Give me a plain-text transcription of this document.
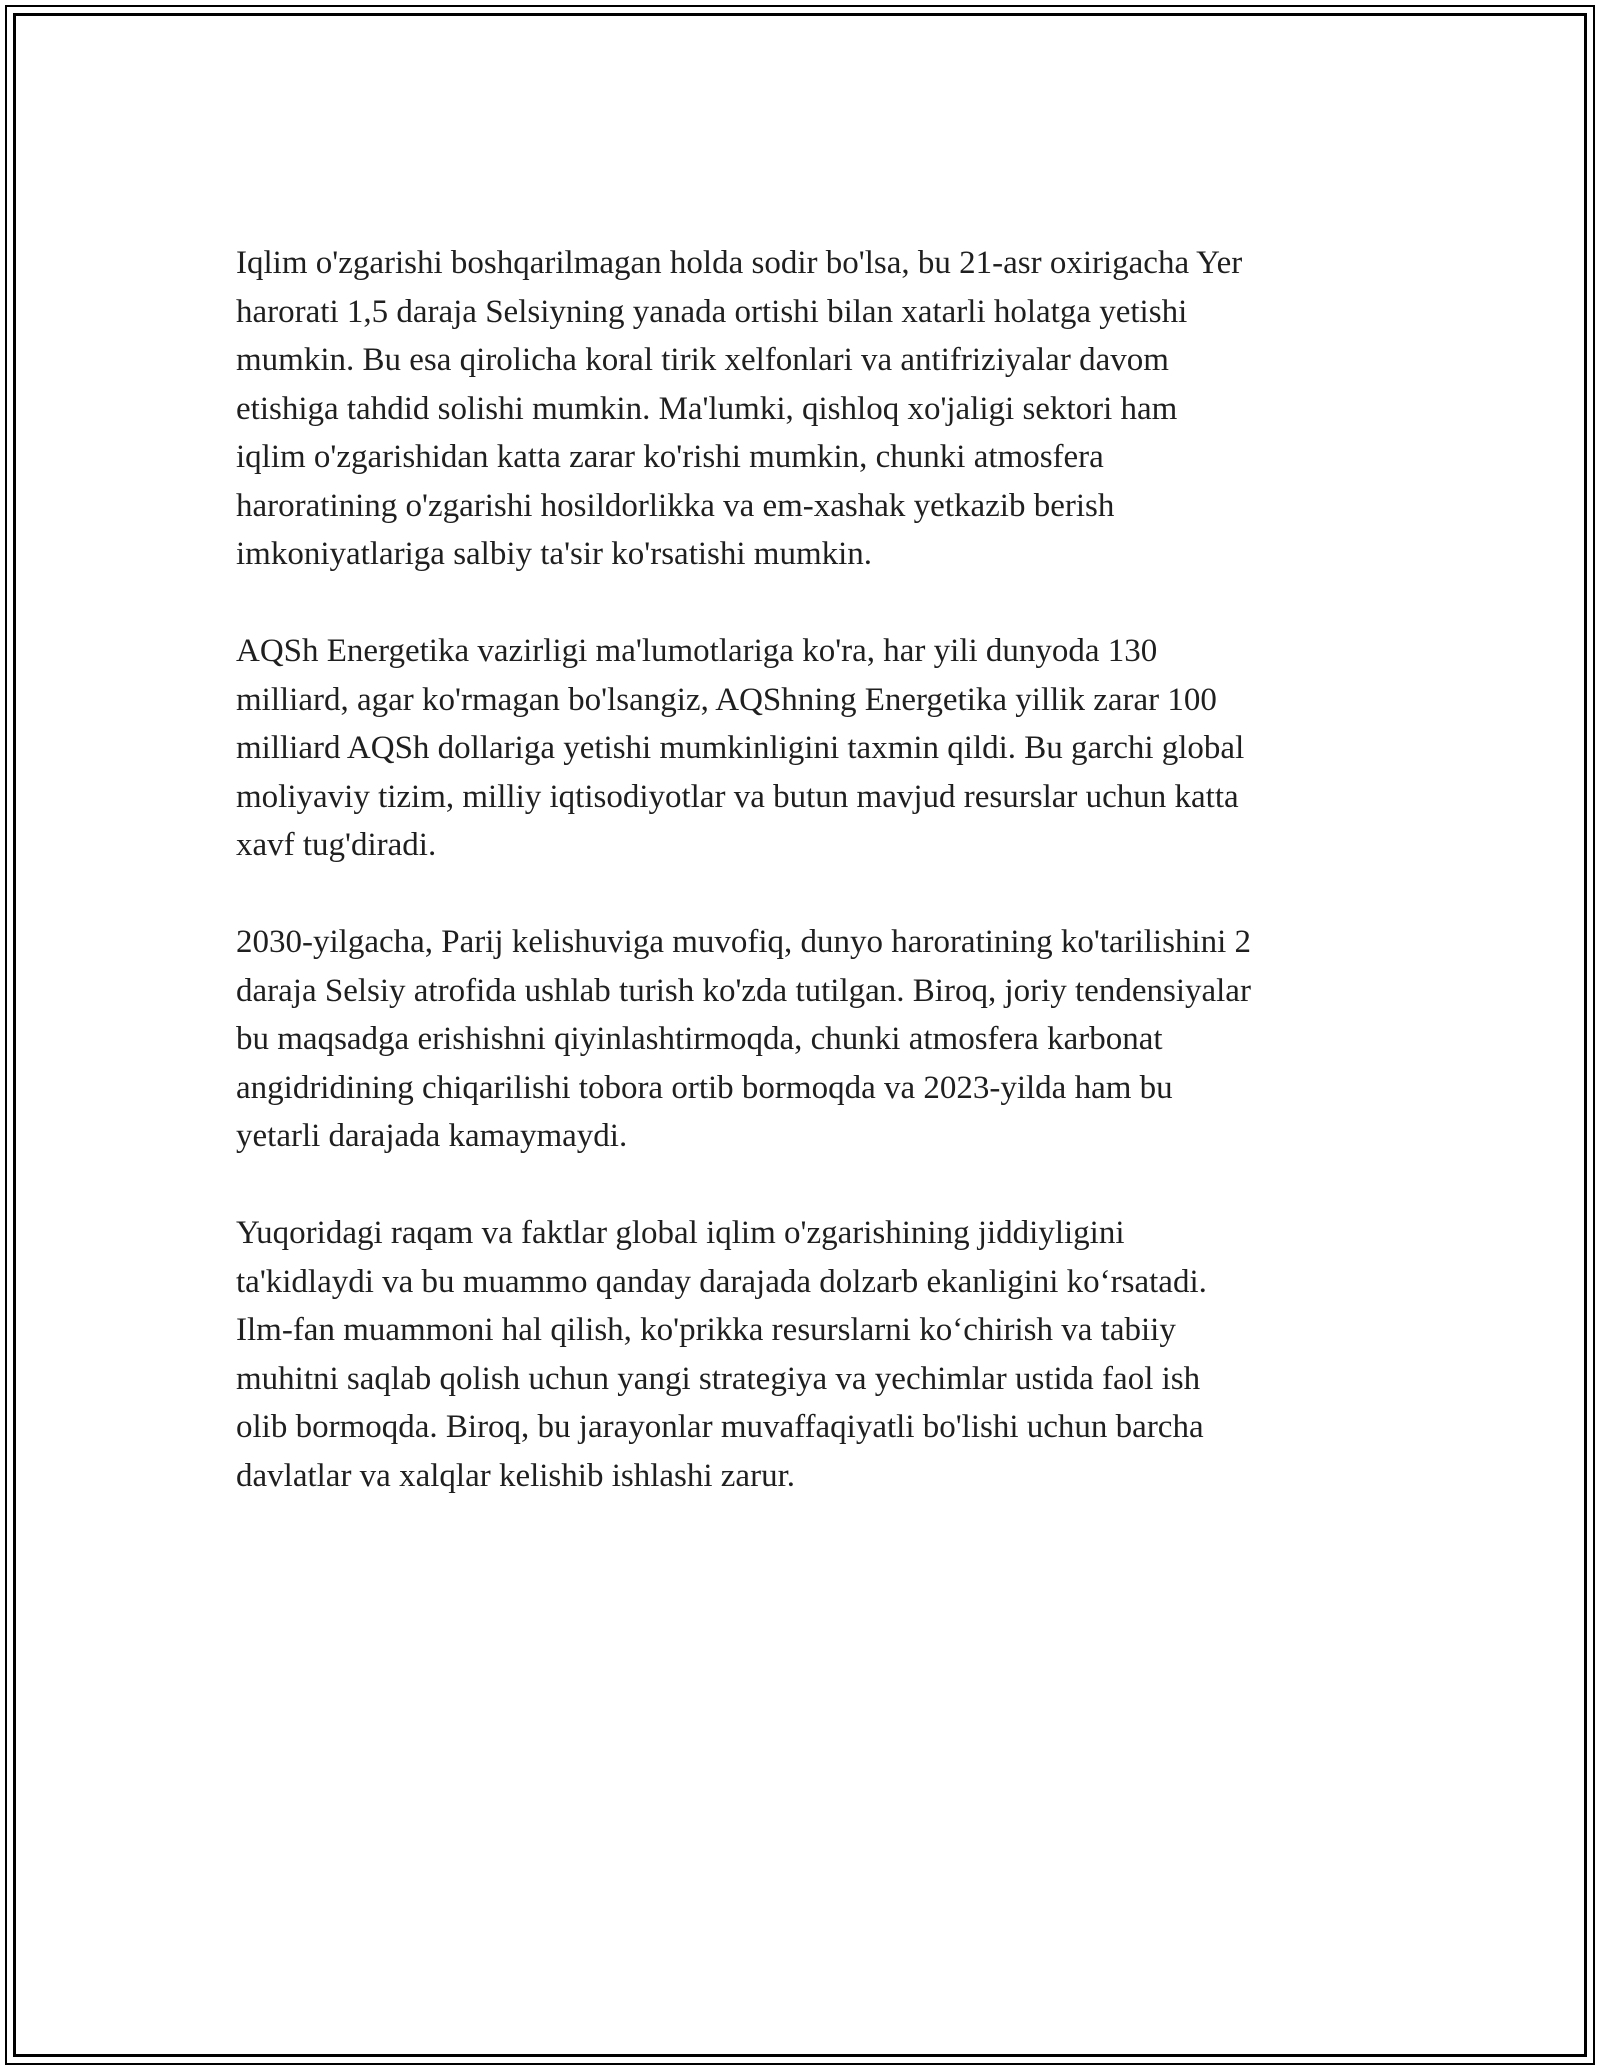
Iqlim o'zgarishi boshqarilmagan holda sodir bo'lsa, bu 21-asr oxirigacha Yer
harorati 1,5 daraja Selsiyning yanada ortishi bilan xatarli holatga yetishi
mumkin. Bu esa qirolicha koral tirik xelfonlari va antifriziyalar davom
etishiga tahdid solishi mumkin. Ma'lumki, qishloq xo'jaligi sektori ham
iqlim o'zgarishidan katta zarar ko'rishi mumkin, chunki atmosfera
haroratining o'zgarishi hosildorlikka va em-xashak yetkazib berish
imkoniyatlariga salbiy ta'sir ko'rsatishi mumkin.

AQSh Energetika vazirligi ma'lumotlariga ko'ra, har yili dunyoda 130
milliard, agar ko'rmagan bo'lsangiz, AQShning Energetika yillik zarar 100
milliard AQSh dollariga yetishi mumkinligini taxmin qildi. Bu garchi global
moliyaviy tizim, milliy iqtisodiyotlar va butun mavjud resurslar uchun katta
xavf tug'diradi.

2030-yilgacha, Parij kelishuviga muvofiq, dunyo haroratining ko'tarilishini 2
daraja Selsiy atrofida ushlab turish ko'zda tutilgan. Biroq, joriy tendensiyalar
bu maqsadga erishishni qiyinlashtirmoqda, chunki atmosfera karbonat
angidridining chiqarilishi tobora ortib bormoqda va 2023-yilda ham bu
yetarli darajada kamaymaydi.

Yuqoridagi raqam va faktlar global iqlim o'zgarishining jiddiyligini
ta'kidlaydi va bu muammo qanday darajada dolzarb ekanligini ko‘rsatadi.
Ilm-fan muammoni hal qilish, ko'prikka resurslarni ko‘chirish va tabiiy
muhitni saqlab qolish uchun yangi strategiya va yechimlar ustida faol ish
olib bormoqda. Biroq, bu jarayonlar muvaffaqiyatli bo'lishi uchun barcha
davlatlar va xalqlar kelishib ishlashi zarur.
